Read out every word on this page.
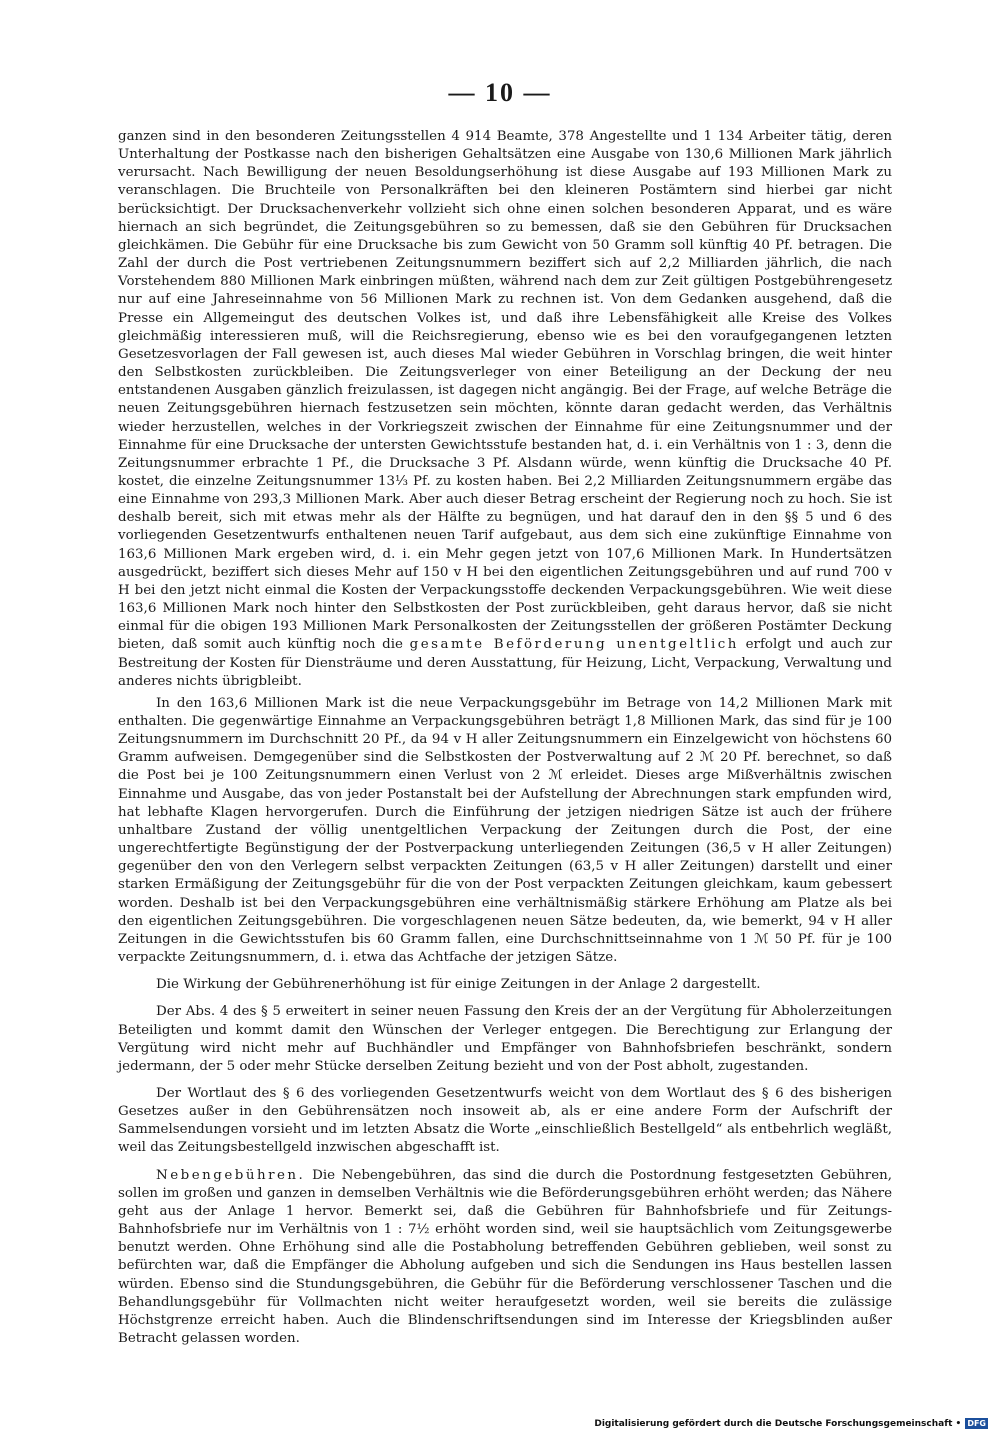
— 10 —

ganzen sind in den besonderen Zeitungsstellen 4 914 Beamte, 378 Angestellte und 1 134 Arbeiter tätig, deren Unterhaltung der Postkasse nach den bisherigen Gehaltsätzen eine Ausgabe von 130,6 Millionen Mark jährlich verursacht. Nach Bewilligung der neuen Besoldungserhöhung ist diese Ausgabe auf 193 Millionen Mark zu veranschlagen. Die Bruchteile von Personalkräften bei den kleineren Postämtern sind hierbei gar nicht berücksichtigt. Der Drucksachenverkehr vollzieht sich ohne einen solchen besonderen Apparat, und es wäre hiernach an sich begründet, die Zeitungsgebühren so zu bemessen, daß sie den Gebühren für Drucksachen gleichkämen. Die Gebühr für eine Drucksache bis zum Gewicht von 50 Gramm soll künftig 40 Pf. betragen. Die Zahl der durch die Post vertriebenen Zeitungsnummern beziffert sich auf 2,2 Milliarden jährlich, die nach Vorstehendem 880 Millionen Mark einbringen müßten, während nach dem zur Zeit gültigen Postgebührengesetz nur auf eine Jahreseinnahme von 56 Millionen Mark zu rechnen ist. Von dem Gedanken ausgehend, daß die Presse ein Allgemeingut des deutschen Volkes ist, und daß ihre Lebensfähigkeit alle Kreise des Volkes gleichmäßig interessieren muß, will die Reichsregierung, ebenso wie es bei den voraufgegangenen letzten Gesetzesvorlagen der Fall gewesen ist, auch dieses Mal wieder Gebühren in Vorschlag bringen, die weit hinter den Selbstkosten zurückbleiben. Die Zeitungsverleger von einer Beteiligung an der Deckung der neu entstandenen Ausgaben gänzlich freizulassen, ist dagegen nicht angängig. Bei der Frage, auf welche Beträge die neuen Zeitungsgebühren hiernach festzusetzen sein möchten, könnte daran gedacht werden, das Verhältnis wieder herzustellen, welches in der Vorkriegszeit zwischen der Einnahme für eine Zeitungsnummer und der Einnahme für eine Drucksache der untersten Gewichtsstufe bestanden hat, d. i. ein Verhältnis von 1 : 3, denn die Zeitungsnummer erbrachte 1 Pf., die Drucksache 3 Pf. Alsdann würde, wenn künftig die Drucksache 40 Pf. kostet, die einzelne Zeitungsnummer 13⅓ Pf. zu kosten haben. Bei 2,2 Milliarden Zeitungsnummern ergäbe das eine Einnahme von 293,3 Millionen Mark. Aber auch dieser Betrag erscheint der Regierung noch zu hoch. Sie ist deshalb bereit, sich mit etwas mehr als der Hälfte zu begnügen, und hat darauf den in den §§ 5 und 6 des vorliegenden Gesetzentwurfs enthaltenen neuen Tarif aufgebaut, aus dem sich eine zukünftige Einnahme von 163,6 Millionen Mark ergeben wird, d. i. ein Mehr gegen jetzt von 107,6 Millionen Mark. In Hundertsätzen ausgedrückt, beziffert sich dieses Mehr auf 150 v H bei den eigentlichen Zeitungsgebühren und auf rund 700 v H bei den jetzt nicht einmal die Kosten der Verpackungsstoffe deckenden Verpackungsgebühren. Wie weit diese 163,6 Millionen Mark noch hinter den Selbstkosten der Post zurückbleiben, geht daraus hervor, daß sie nicht einmal für die obigen 193 Millionen Mark Personalkosten der Zeitungsstellen der größeren Postämter Deckung bieten, daß somit auch künftig noch die gesamte Beförderung unentgeltlich erfolgt und auch zur Bestreitung der Kosten für Diensträume und deren Ausstattung, für Heizung, Licht, Verpackung, Verwaltung und anderes nichts übrigbleibt.

In den 163,6 Millionen Mark ist die neue Verpackungsgebühr im Betrage von 14,2 Millionen Mark mit enthalten. Die gegenwärtige Einnahme an Verpackungsgebühren beträgt 1,8 Millionen Mark, das sind für je 100 Zeitungsnummern im Durchschnitt 20 Pf., da 94 v H aller Zeitungsnummern ein Einzelgewicht von höchstens 60 Gramm aufweisen. Demgegenüber sind die Selbstkosten der Postverwaltung auf 2 ℳ 20 Pf. berechnet, so daß die Post bei je 100 Zeitungsnummern einen Verlust von 2 ℳ erleidet. Dieses arge Mißverhältnis zwischen Einnahme und Ausgabe, das von jeder Postanstalt bei der Aufstellung der Abrechnungen stark empfunden wird, hat lebhafte Klagen hervorgerufen. Durch die Einführung der jetzigen niedrigen Sätze ist auch der frühere unhaltbare Zustand der völlig unentgeltlichen Verpackung der Zeitungen durch die Post, der eine ungerechtfertigte Begünstigung der der Postverpackung unterliegenden Zeitungen (36,5 v H aller Zeitungen) gegenüber den von den Verlegern selbst verpackten Zeitungen (63,5 v H aller Zeitungen) darstellt und einer starken Ermäßigung der Zeitungsgebühr für die von der Post verpackten Zeitungen gleichkam, kaum gebessert worden. Deshalb ist bei den Verpackungsgebühren eine verhältnismäßig stärkere Erhöhung am Platze als bei den eigentlichen Zeitungsgebühren. Die vorgeschlagenen neuen Sätze bedeuten, da, wie bemerkt, 94 v H aller Zeitungen in die Gewichtsstufen bis 60 Gramm fallen, eine Durchschnittseinnahme von 1 ℳ 50 Pf. für je 100 verpackte Zeitungsnummern, d. i. etwa das Achtfache der jetzigen Sätze.

Die Wirkung der Gebührenerhöhung ist für einige Zeitungen in der Anlage 2 dargestellt.

Der Abs. 4 des § 5 erweitert in seiner neuen Fassung den Kreis der an der Vergütung für Abholerzeitungen Beteiligten und kommt damit den Wünschen der Verleger entgegen. Die Berechtigung zur Erlangung der Vergütung wird nicht mehr auf Buchhändler und Empfänger von Bahnhofsbriefen beschränkt, sondern jedermann, der 5 oder mehr Stücke derselben Zeitung bezieht und von der Post abholt, zugestanden.

Der Wortlaut des § 6 des vorliegenden Gesetzentwurfs weicht von dem Wortlaut des § 6 des bisherigen Gesetzes außer in den Gebührensätzen noch insoweit ab, als er eine andere Form der Aufschrift der Sammelsendungen vorsieht und im letzten Absatz die Worte „einschließlich Bestellgeld“ als entbehrlich wegläßt, weil das Zeitungsbestellgeld inzwischen abgeschafft ist.

Nebengebühren. Die Nebengebühren, das sind die durch die Postordnung festgesetzten Gebühren, sollen im großen und ganzen in demselben Verhältnis wie die Beförderungsgebühren erhöht werden; das Nähere geht aus der Anlage 1 hervor. Bemerkt sei, daß die Gebühren für Bahnhofsbriefe und für Zeitungs-Bahnhofsbriefe nur im Verhältnis von 1 : 7½ erhöht worden sind, weil sie hauptsächlich vom Zeitungsgewerbe benutzt werden. Ohne Erhöhung sind alle die Postabholung betreffenden Gebühren geblieben, weil sonst zu befürchten war, daß die Empfänger die Abholung aufgeben und sich die Sendungen ins Haus bestellen lassen würden. Ebenso sind die Stundungsgebühren, die Gebühr für die Beförderung verschlossener Taschen und die Behandlungsgebühr für Vollmachten nicht weiter heraufgesetzt worden, weil sie bereits die zulässige Höchstgrenze erreicht haben. Auch die Blindenschriftsendungen sind im Interesse der Kriegsblinden außer Betracht gelassen worden.

Digitalisierung gefördert durch die Deutsche Forschungsgemeinschaft • DFG
